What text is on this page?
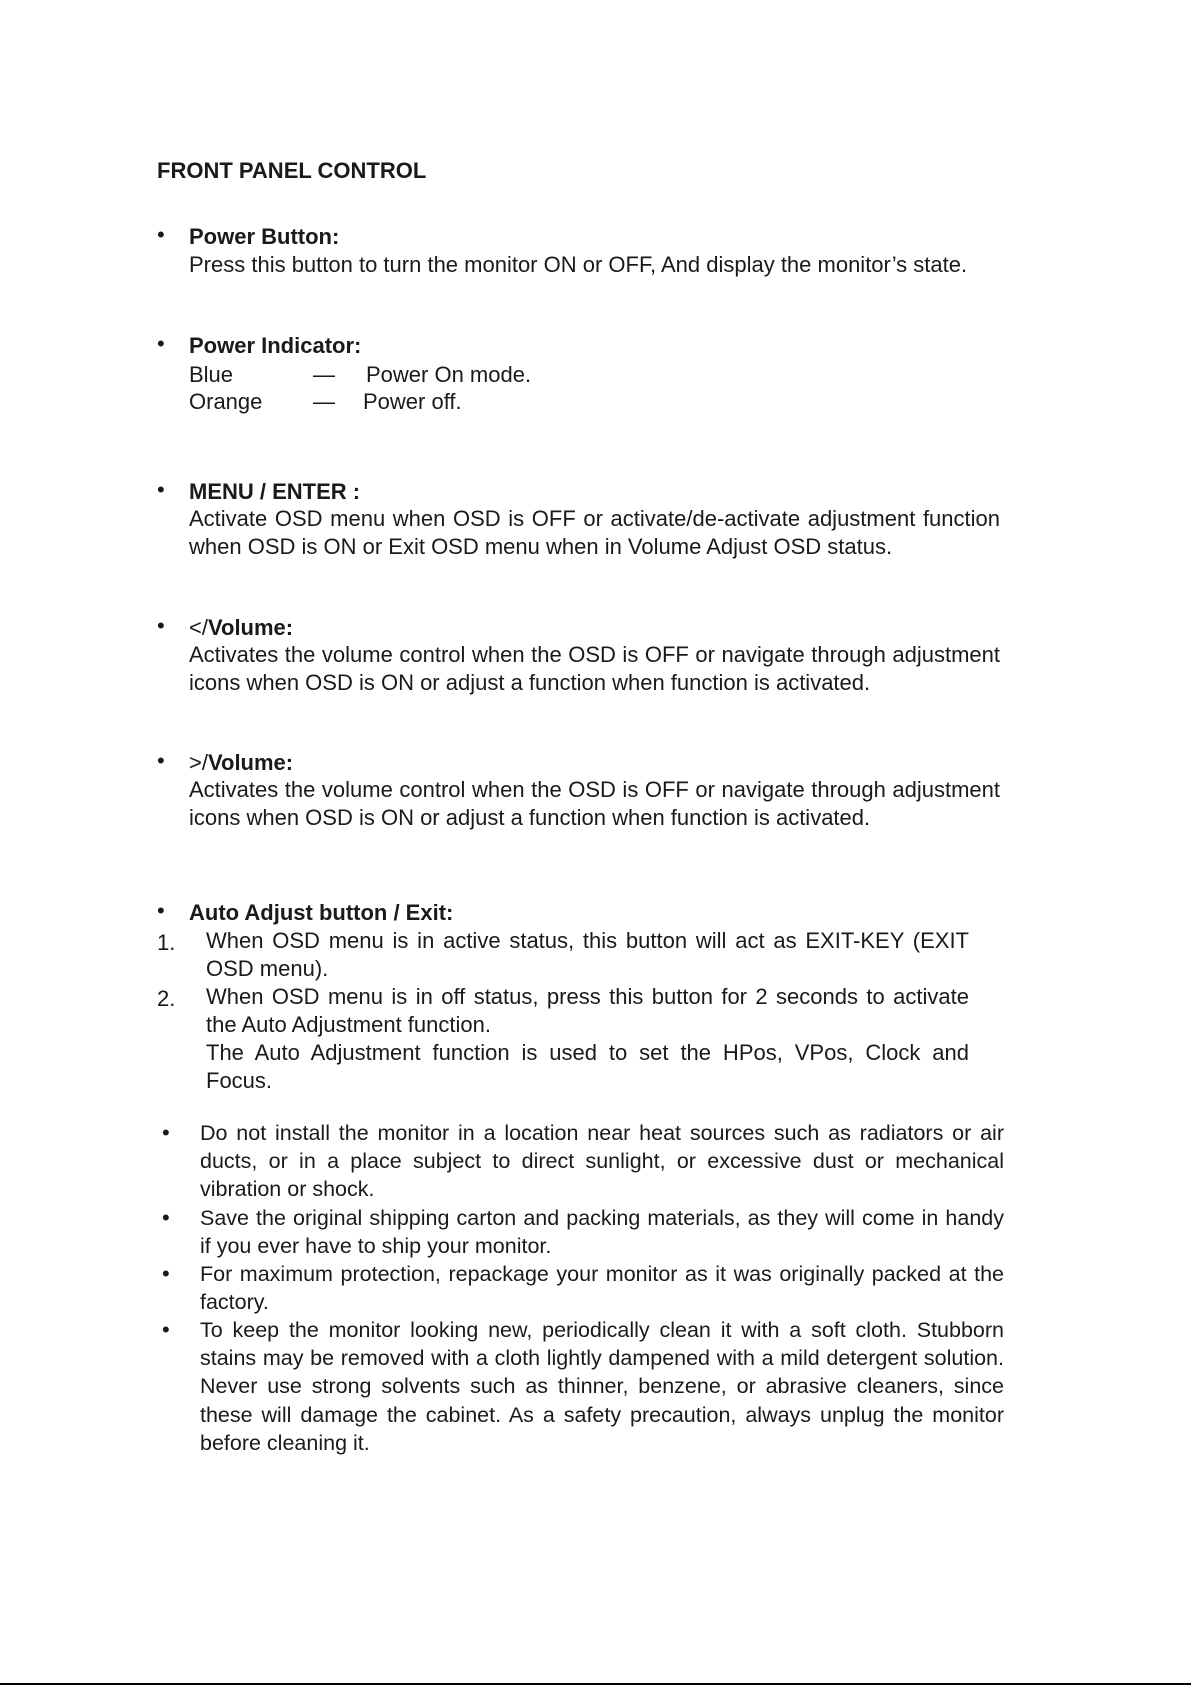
FRONT PANEL CONTROL
• Power Button:
Press this button to turn the monitor ON or OFF, And display the monitor’s state.
• Power Indicator:
Blue	— Power On mode.
Orange — Power off.
• MENU / ENTER :
Activate OSD menu when OSD is OFF or activate/de-activate adjustment function when OSD is ON or Exit OSD menu when in Volume Adjust OSD status.
• </Volume:
Activates the volume control when the OSD is OFF or navigate through adjustment icons when OSD is ON or adjust a function when function is activated.
• >/Volume:
Activates the volume control when the OSD is OFF or navigate through adjustment icons when OSD is ON or adjust a function when function is activated.
• Auto Adjust button / Exit:
1. When OSD menu is in active status, this button will act as EXIT-KEY (EXIT OSD menu).
2. When OSD menu is in off status, press this button for 2 seconds to activate the Auto Adjustment function.
The Auto Adjustment function is used to set the HPos, VPos, Clock and Focus.
• Do not install the monitor in a location near heat sources such as radiators or air ducts, or in a place subject to direct sunlight, or excessive dust or mechanical vibration or shock.
• Save the original shipping carton and packing materials, as they will come in handy if you ever have to ship your monitor.
• For maximum protection, repackage your monitor as it was originally packed at the factory.
• To keep the monitor looking new, periodically clean it with a soft cloth. Stubborn stains may be removed with a cloth lightly dampened with a mild detergent solution. Never use strong solvents such as thinner, benzene, or abrasive cleaners, since these will damage the cabinet. As a safety precaution, always unplug the monitor before cleaning it.
